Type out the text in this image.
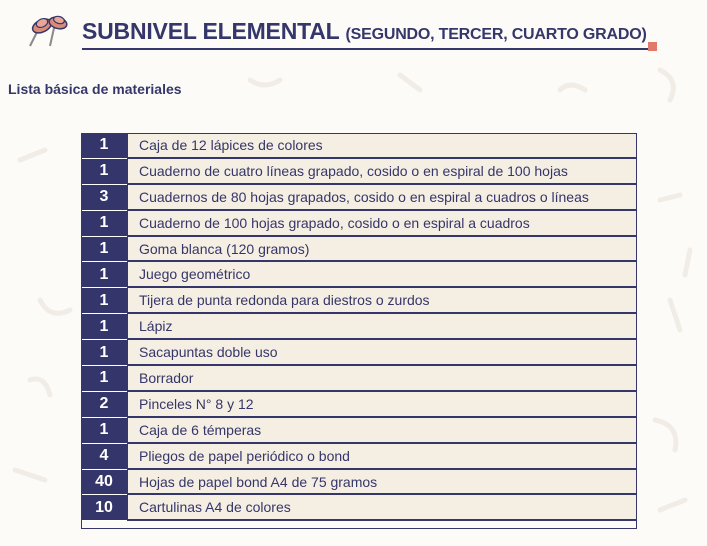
SUBNIVEL ELEMENTAL (SEGUNDO, TERCER, CUARTO GRADO)
Lista básica de materiales
1	Caja de 12 lápices de colores
1	Cuaderno de cuatro líneas grapado, cosido o en espiral de 100 hojas
3	Cuadernos de 80 hojas grapados, cosido o en espiral a cuadros o líneas
1	Cuaderno de 100 hojas grapado, cosido o en espiral a cuadros
1	Goma blanca (120 gramos)
1	Juego geométrico
1	Tijera de punta redonda para diestros o zurdos
1	Lápiz
1	Sacapuntas doble uso
1	Borrador
2	Pinceles N° 8 y 12
1	Caja de 6 témperas
4	Pliegos de papel periódico o bond
40	Hojas de papel bond A4 de 75 gramos
10	Cartulinas A4 de colores
